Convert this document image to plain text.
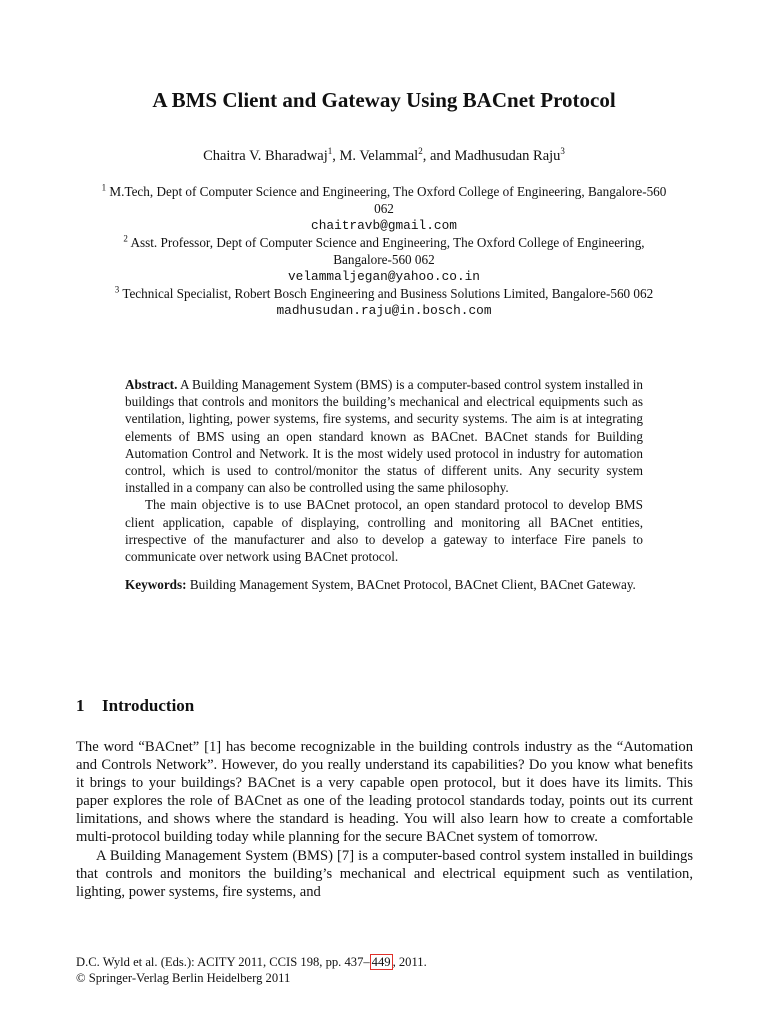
A BMS Client and Gateway Using BACnet Protocol
Chaitra V. Bharadwaj$^1$, M. Velammal$^2$, and Madhusudan Raju$^3$
$^1$ M.Tech, Dept of Computer Science and Engineering, The Oxford College of Engineering, Bangalore-560 062
chaitravb@gmail.com
$^2$ Asst. Professor, Dept of Computer Science and Engineering, The Oxford College of Engineering, Bangalore-560 062
velammaljegan@yahoo.co.in
$^3$ Technical Specialist, Robert Bosch Engineering and Business Solutions Limited, Bangalore-560 062
madhusudan.raju@in.bosch.com

Abstract. A Building Management System (BMS) is a computer-based control system installed in buildings that controls and monitors the building’s mechanical and electrical equipments such as ventilation, lighting, power systems, fire systems, and security systems. The aim is at integrating elements of BMS using an open standard known as BACnet. BACnet stands for Building Automation Control and Network. It is the most widely used protocol in industry for automation control, which is used to control/monitor the status of different units. Any security system installed in a company can also be controlled using the same philosophy.

The main objective is to use BACnet protocol, an open standard protocol to develop BMS client application, capable of displaying, controlling and monitoring all BACnet entities, irrespective of the manufacturer and also to develop a gateway to interface Fire panels to communicate over network using BACnet protocol.

Keywords: Building Management System, BACnet Protocol, BACnet Client, BACnet Gateway.

1 Introduction

The word “BACnet” [1] has become recognizable in the building controls industry as the “Automation and Controls Network”. However, do you really understand its capabilities? Do you know what benefits it brings to your buildings? BACnet is a very capable open protocol, but it does have its limits. This paper explores the role of BACnet as one of the leading protocol standards today, points out its current limitations, and shows where the standard is heading. You will also learn how to create a comfortable multi-protocol building today while planning for the secure BACnet system of tomorrow.

A Building Management System (BMS) [7] is a computer-based control system installed in buildings that controls and monitors the building’s mechanical and electrical equipment such as ventilation, lighting, power systems, fire systems, and

D.C. Wyld et al. (Eds.): ACITY 2011, CCIS 198, pp. 437– 449 , 2011.
© Springer-Verlag Berlin Heidelberg 2011
